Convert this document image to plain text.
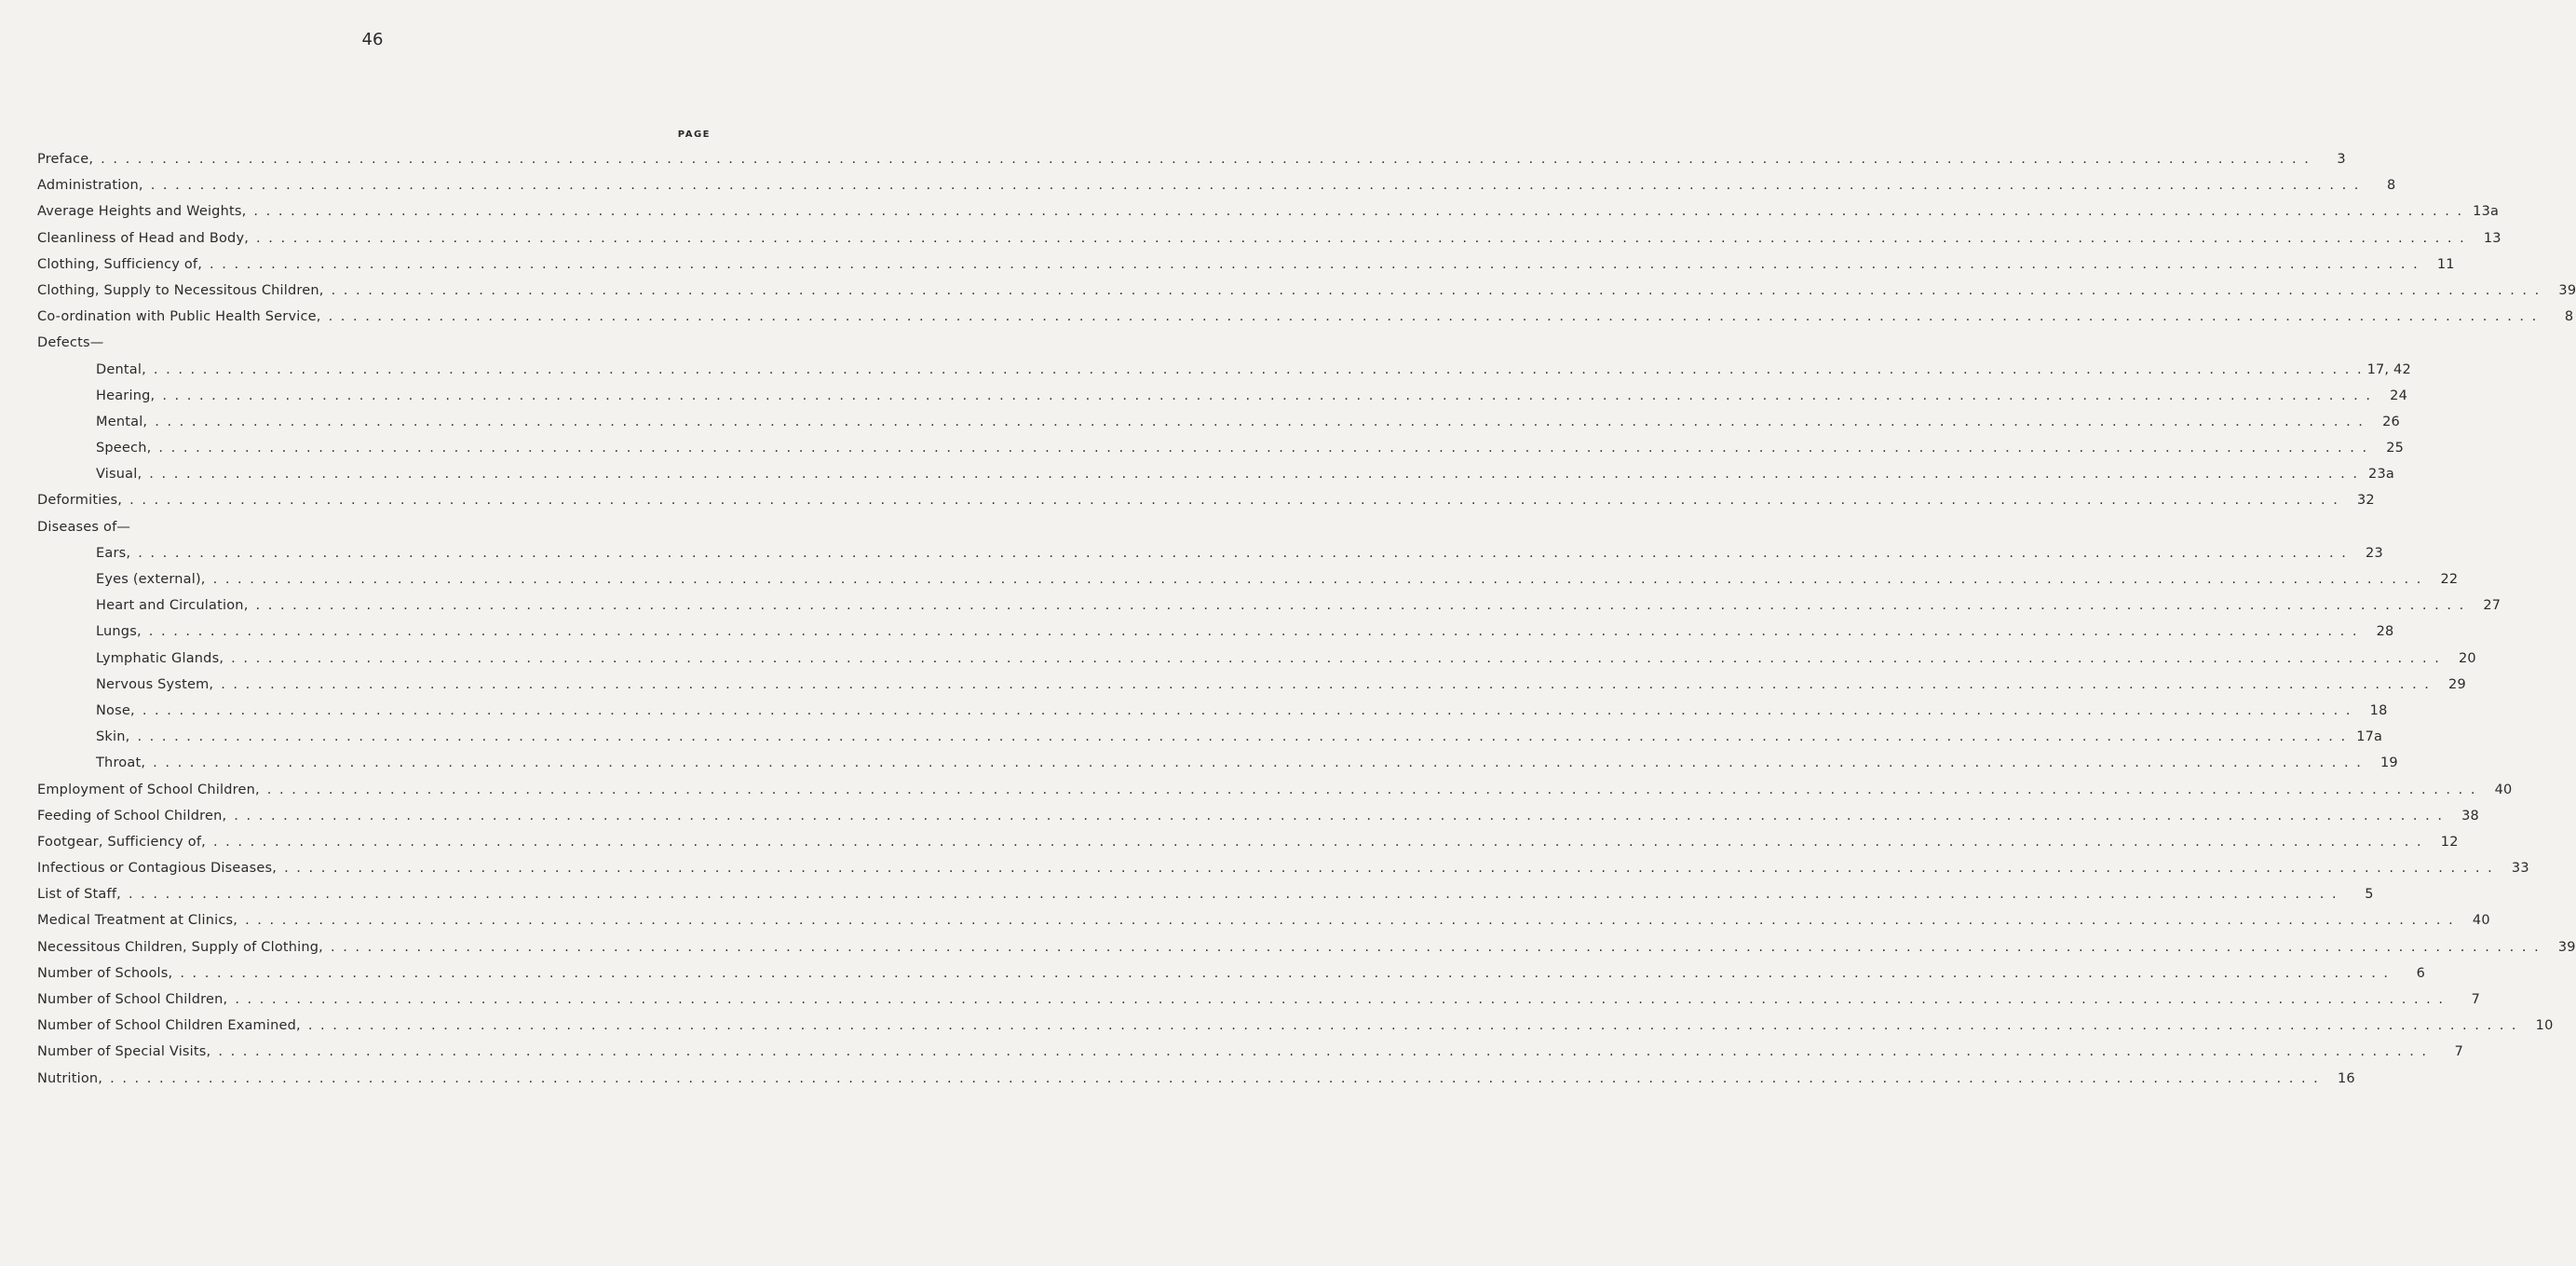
46
PAGE
Preface, . . . . . . . . . . . . . . . . . . . . . . . . . . . . . . . . . . . . . . . . . . . . . . . . . . . . . . . . . . . . . . . . . . . . . . . . . . . . . . . . . . . . . . . . . . . . . . . . . . . . . . . . . . . . . . . . . . . . . . . . . . . . . . . . . . . . . . . . . . . . . . . . . . . . . . . . . . . . . . . . . . . . . . . . . . . . . . . . . . . .	3
Administration, . . . . . . . . . . . . . . . . . . . . . . . . . . . . . . . . . . . . . . . . . . . . . . . . . . . . . . . . . . . . . . . . . . . . . . . . . . . . . . . . . . . . . . . . . . . . . . . . . . . . . . . . . . . . . . . . . . . . . . . . . . . . . . . . . . . . . . . . . . . . . . . . . . . . . . . . . . . . . . . . . . . . . . . . . . . . . . . . . . . .	8
Average Heights and Weights, . . . . . . . . . . . . . . . . . . . . . . . . . . . . . . . . . . . . . . . . . . . . . . . . . . . . . . . . . . . . . . . . . . . . . . . . . . . . . . . . . . . . . . . . . . . . . . . . . . . . . . . . . . . . . . . . . . . . . . . . . . . . . . . . . . . . . . . . . . . . . . . . . . . . . . . . . . . . . . . . . . . . . . . . . . . . . . . . . . . . 13a
Cleanliness of Head and Body, . . . . . . . . . . . . . . . . . . . . . . . . . . . . . . . . . . . . . . . . . . . . . . . . . . . . . . . . . . . . . . . . . . . . . . . . . . . . . . . . . . . . . . . . . . . . . . . . . . . . . . . . . . . . . . . . . . . . . . . . . . . . . . . . . . . . . . . . . . . . . . . . . . . . . . . . . . . . . . . . . . . . . . . . . . . . . . . . . . . .	13
Clothing, Sufficiency of, . . . . . . . . . . . . . . . . . . . . . . . . . . . . . . . . . . . . . . . . . . . . . . . . . . . . . . . . . . . . . . . . . . . . . . . . . . . . . . . . . . . . . . . . . . . . . . . . . . . . . . . . . . . . . . . . . . . . . . . . . . . . . . . . . . . . . . . . . . . . . . . . . . . . . . . . . . . . . . . . . . . . . . . . . . . . . . . . . . . .	11
Clothing, Supply to Necessitous Children, . . . . . . . . . . . . . . . . . . . . . . . . . . . . . . . . . . . . . . . . . . . . . . . . . . . . . . . . . . . . . . . . . . . . . . . . . . . . . . . . . . . . . . . . . . . . . . . . . . . . . . . . . . . . . . . . . . . . . . . . . . . . . . . . . . . . . . . . . . . . . . . . . . . . . . . . . . . . . . . . . . . . . . . . . . . . . . . . . . . .	39
Co-ordination with Public Health Service, . . . . . . . . . . . . . . . . . . . . . . . . . . . . . . . . . . . . . . . . . . . . . . . . . . . . . . . . . . . . . . . . . . . . . . . . . . . . . . . . . . . . . . . . . . . . . . . . . . . . . . . . . . . . . . . . . . . . . . . . . . . . . . . . . . . . . . . . . . . . . . . . . . . . . . . . . . . . . . . . . . . . . . . . . . . . . . . . . . . .	8
Defects—
Dental, . . . . . . . . . . . . . . . . . . . . . . . . . . . . . . . . . . . . . . . . . . . . . . . . . . . . . . . . . . . . . . . . . . . . . . . . . . . . . . . . . . . . . . . . . . . . . . . . . . . . . . . . . . . . . . . . . . . . . . . . . . . . . . . . . . . . . . . . . . . . . . . . . . . . . . . . . . . . . . . . . . . . . . . . . . . . . . . . . . . . 17, 42
Hearing, . . . . . . . . . . . . . . . . . . . . . . . . . . . . . . . . . . . . . . . . . . . . . . . . . . . . . . . . . . . . . . . . . . . . . . . . . . . . . . . . . . . . . . . . . . . . . . . . . . . . . . . . . . . . . . . . . . . . . . . . . . . . . . . . . . . . . . . . . . . . . . . . . . . . . . . . . . . . . . . . . . . . . . . . . . . . . . . . . . . .	24
Mental, . . . . . . . . . . . . . . . . . . . . . . . . . . . . . . . . . . . . . . . . . . . . . . . . . . . . . . . . . . . . . . . . . . . . . . . . . . . . . . . . . . . . . . . . . . . . . . . . . . . . . . . . . . . . . . . . . . . . . . . . . . . . . . . . . . . . . . . . . . . . . . . . . . . . . . . . . . . . . . . . . . . . . . . . . . . . . . . . . . . .	26
Speech, . . . . . . . . . . . . . . . . . . . . . . . . . . . . . . . . . . . . . . . . . . . . . . . . . . . . . . . . . . . . . . . . . . . . . . . . . . . . . . . . . . . . . . . . . . . . . . . . . . . . . . . . . . . . . . . . . . . . . . . . . . . . . . . . . . . . . . . . . . . . . . . . . . . . . . . . . . . . . . . . . . . . . . . . . . . . . . . . . . . .	25
Visual, . . . . . . . . . . . . . . . . . . . . . . . . . . . . . . . . . . . . . . . . . . . . . . . . . . . . . . . . . . . . . . . . . . . . . . . . . . . . . . . . . . . . . . . . . . . . . . . . . . . . . . . . . . . . . . . . . . . . . . . . . . . . . . . . . . . . . . . . . . . . . . . . . . . . . . . . . . . . . . . . . . . . . . . . . . . . . . . . . . . . 23a
Deformities, . . . . . . . . . . . . . . . . . . . . . . . . . . . . . . . . . . . . . . . . . . . . . . . . . . . . . . . . . . . . . . . . . . . . . . . . . . . . . . . . . . . . . . . . . . . . . . . . . . . . . . . . . . . . . . . . . . . . . . . . . . . . . . . . . . . . . . . . . . . . . . . . . . . . . . . . . . . . . . . . . . . . . . . . . . . . . . . . . . . .	32
Diseases of—
Ears, . . . . . . . . . . . . . . . . . . . . . . . . . . . . . . . . . . . . . . . . . . . . . . . . . . . . . . . . . . . . . . . . . . . . . . . . . . . . . . . . . . . . . . . . . . . . . . . . . . . . . . . . . . . . . . . . . . . . . . . . . . . . . . . . . . . . . . . . . . . . . . . . . . . . . . . . . . . . . . . . . . . . . . . . . . . . . . . . . . . .	23
Eyes (external), . . . . . . . . . . . . . . . . . . . . . . . . . . . . . . . . . . . . . . . . . . . . . . . . . . . . . . . . . . . . . . . . . . . . . . . . . . . . . . . . . . . . . . . . . . . . . . . . . . . . . . . . . . . . . . . . . . . . . . . . . . . . . . . . . . . . . . . . . . . . . . . . . . . . . . . . . . . . . . . . . . . . . . . . . . . . . . . . . . . .	22
Heart and Circulation, . . . . . . . . . . . . . . . . . . . . . . . . . . . . . . . . . . . . . . . . . . . . . . . . . . . . . . . . . . . . . . . . . . . . . . . . . . . . . . . . . . . . . . . . . . . . . . . . . . . . . . . . . . . . . . . . . . . . . . . . . . . . . . . . . . . . . . . . . . . . . . . . . . . . . . . . . . . . . . . . . . . . . . . . . . . . . . . . . . . .	27
Lungs, . . . . . . . . . . . . . . . . . . . . . . . . . . . . . . . . . . . . . . . . . . . . . . . . . . . . . . . . . . . . . . . . . . . . . . . . . . . . . . . . . . . . . . . . . . . . . . . . . . . . . . . . . . . . . . . . . . . . . . . . . . . . . . . . . . . . . . . . . . . . . . . . . . . . . . . . . . . . . . . . . . . . . . . . . . . . . . . . . . . .	28
Lymphatic Glands, . . . . . . . . . . . . . . . . . . . . . . . . . . . . . . . . . . . . . . . . . . . . . . . . . . . . . . . . . . . . . . . . . . . . . . . . . . . . . . . . . . . . . . . . . . . . . . . . . . . . . . . . . . . . . . . . . . . . . . . . . . . . . . . . . . . . . . . . . . . . . . . . . . . . . . . . . . . . . . . . . . . . . . . . . . . . . . . . . . . .	20
Nervous System, . . . . . . . . . . . . . . . . . . . . . . . . . . . . . . . . . . . . . . . . . . . . . . . . . . . . . . . . . . . . . . . . . . . . . . . . . . . . . . . . . . . . . . . . . . . . . . . . . . . . . . . . . . . . . . . . . . . . . . . . . . . . . . . . . . . . . . . . . . . . . . . . . . . . . . . . . . . . . . . . . . . . . . . . . . . . . . . . . . . .	29
Nose, . . . . . . . . . . . . . . . . . . . . . . . . . . . . . . . . . . . . . . . . . . . . . . . . . . . . . . . . . . . . . . . . . . . . . . . . . . . . . . . . . . . . . . . . . . . . . . . . . . . . . . . . . . . . . . . . . . . . . . . . . . . . . . . . . . . . . . . . . . . . . . . . . . . . . . . . . . . . . . . . . . . . . . . . . . . . . . . . . . . .	18
Skin, . . . . . . . . . . . . . . . . . . . . . . . . . . . . . . . . . . . . . . . . . . . . . . . . . . . . . . . . . . . . . . . . . . . . . . . . . . . . . . . . . . . . . . . . . . . . . . . . . . . . . . . . . . . . . . . . . . . . . . . . . . . . . . . . . . . . . . . . . . . . . . . . . . . . . . . . . . . . . . . . . . . . . . . . . . . . . . . . . . . . 17a
Throat, . . . . . . . . . . . . . . . . . . . . . . . . . . . . . . . . . . . . . . . . . . . . . . . . . . . . . . . . . . . . . . . . . . . . . . . . . . . . . . . . . . . . . . . . . . . . . . . . . . . . . . . . . . . . . . . . . . . . . . . . . . . . . . . . . . . . . . . . . . . . . . . . . . . . . . . . . . . . . . . . . . . . . . . . . . . . . . . . . . . .	19
Employment of School Children, . . . . . . . . . . . . . . . . . . . . . . . . . . . . . . . . . . . . . . . . . . . . . . . . . . . . . . . . . . . . . . . . . . . . . . . . . . . . . . . . . . . . . . . . . . . . . . . . . . . . . . . . . . . . . . . . . . . . . . . . . . . . . . . . . . . . . . . . . . . . . . . . . . . . . . . . . . . . . . . . . . . . . . . . . . . . . . . . . . . .	40
Feeding of School Children, . . . . . . . . . . . . . . . . . . . . . . . . . . . . . . . . . . . . . . . . . . . . . . . . . . . . . . . . . . . . . . . . . . . . . . . . . . . . . . . . . . . . . . . . . . . . . . . . . . . . . . . . . . . . . . . . . . . . . . . . . . . . . . . . . . . . . . . . . . . . . . . . . . . . . . . . . . . . . . . . . . . . . . . . . . . . . . . . . . . .	38
Footgear, Sufficiency of, . . . . . . . . . . . . . . . . . . . . . . . . . . . . . . . . . . . . . . . . . . . . . . . . . . . . . . . . . . . . . . . . . . . . . . . . . . . . . . . . . . . . . . . . . . . . . . . . . . . . . . . . . . . . . . . . . . . . . . . . . . . . . . . . . . . . . . . . . . . . . . . . . . . . . . . . . . . . . . . . . . . . . . . . . . . . . . . . . . . .	12
Infectious or Contagious Diseases, . . . . . . . . . . . . . . . . . . . . . . . . . . . . . . . . . . . . . . . . . . . . . . . . . . . . . . . . . . . . . . . . . . . . . . . . . . . . . . . . . . . . . . . . . . . . . . . . . . . . . . . . . . . . . . . . . . . . . . . . . . . . . . . . . . . . . . . . . . . . . . . . . . . . . . . . . . . . . . . . . . . . . . . . . . . . . . . . . . . .	33
List of Staff, . . . . . . . . . . . . . . . . . . . . . . . . . . . . . . . . . . . . . . . . . . . . . . . . . . . . . . . . . . . . . . . . . . . . . . . . . . . . . . . . . . . . . . . . . . . . . . . . . . . . . . . . . . . . . . . . . . . . . . . . . . . . . . . . . . . . . . . . . . . . . . . . . . . . . . . . . . . . . . . . . . . . . . . . . . . . . . . . . . . .	5
Medical Treatment at Clinics, . . . . . . . . . . . . . . . . . . . . . . . . . . . . . . . . . . . . . . . . . . . . . . . . . . . . . . . . . . . . . . . . . . . . . . . . . . . . . . . . . . . . . . . . . . . . . . . . . . . . . . . . . . . . . . . . . . . . . . . . . . . . . . . . . . . . . . . . . . . . . . . . . . . . . . . . . . . . . . . . . . . . . . . . . . . . . . . . . . . .	40
Necessitous Children, Supply of Clothing, . . . . . . . . . . . . . . . . . . . . . . . . . . . . . . . . . . . . . . . . . . . . . . . . . . . . . . . . . . . . . . . . . . . . . . . . . . . . . . . . . . . . . . . . . . . . . . . . . . . . . . . . . . . . . . . . . . . . . . . . . . . . . . . . . . . . . . . . . . . . . . . . . . . . . . . . . . . . . . . . . . . . . . . . . . . . . . . . . . . .	39
Number of Schools, . . . . . . . . . . . . . . . . . . . . . . . . . . . . . . . . . . . . . . . . . . . . . . . . . . . . . . . . . . . . . . . . . . . . . . . . . . . . . . . . . . . . . . . . . . . . . . . . . . . . . . . . . . . . . . . . . . . . . . . . . . . . . . . . . . . . . . . . . . . . . . . . . . . . . . . . . . . . . . . . . . . . . . . . . . . . . . . . . . . .	6
Number of School Children, . . . . . . . . . . . . . . . . . . . . . . . . . . . . . . . . . . . . . . . . . . . . . . . . . . . . . . . . . . . . . . . . . . . . . . . . . . . . . . . . . . . . . . . . . . . . . . . . . . . . . . . . . . . . . . . . . . . . . . . . . . . . . . . . . . . . . . . . . . . . . . . . . . . . . . . . . . . . . . . . . . . . . . . . . . . . . . . . . . . .	7
Number of School Children Examined, . . . . . . . . . . . . . . . . . . . . . . . . . . . . . . . . . . . . . . . . . . . . . . . . . . . . . . . . . . . . . . . . . . . . . . . . . . . . . . . . . . . . . . . . . . . . . . . . . . . . . . . . . . . . . . . . . . . . . . . . . . . . . . . . . . . . . . . . . . . . . . . . . . . . . . . . . . . . . . . . . . . . . . . . . . . . . . . . . . . .	10
Number of Special Visits, . . . . . . . . . . . . . . . . . . . . . . . . . . . . . . . . . . . . . . . . . . . . . . . . . . . . . . . . . . . . . . . . . . . . . . . . . . . . . . . . . . . . . . . . . . . . . . . . . . . . . . . . . . . . . . . . . . . . . . . . . . . . . . . . . . . . . . . . . . . . . . . . . . . . . . . . . . . . . . . . . . . . . . . . . . . . . . . . . . . .	7
Nutrition, . . . . . . . . . . . . . . . . . . . . . . . . . . . . . . . . . . . . . . . . . . . . . . . . . . . . . . . . . . . . . . . . . . . . . . . . . . . . . . . . . . . . . . . . . . . . . . . . . . . . . . . . . . . . . . . . . . . . . . . . . . . . . . . . . . . . . . . . . . . . . . . . . . . . . . . . . . . . . . . . . . . . . . . . . . . . . . . . . . . .	16
